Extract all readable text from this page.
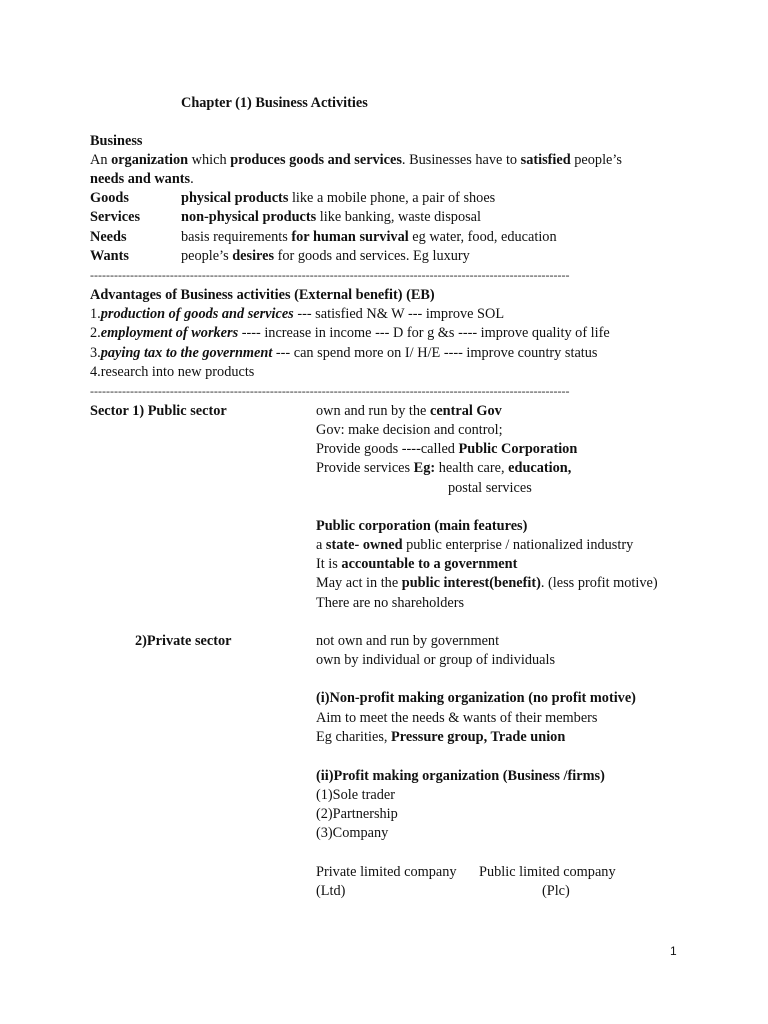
Chapter (1) Business Activities
Business
An organization which produces goods and services. Businesses have to satisfied people’s
needs and wants.
Goods	physical products like a mobile phone, a pair of shoes
Services	non-physical products like banking, waste disposal
Needs	basis requirements for human survival eg water, food, education
Wants	people’s desires for goods and services. Eg luxury
------------------------------------------------------------------------------------------------------------------------
Advantages of Business activities (External benefit) (EB)
1.production of goods and services --- satisfied N& W --- improve SOL
2.employment of workers ---- increase in income --- D for g &s ---- improve quality of life
3.paying tax to the government --- can spend more on I/ H/E ---- improve country status
4.research into new products
------------------------------------------------------------------------------------------------------------------------
Sector 1) Public sector	own and run by the central Gov
Gov: make decision and control;
Provide goods ----called Public Corporation
Provide services Eg: health care, education,
postal services
Public corporation (main features)
a state- owned public enterprise / nationalized industry
It is accountable to a government
May act in the public interest(benefit). (less profit motive)
There are no shareholders
2)Private sector	not own and run by government
own by individual or group of individuals
(i)Non-profit making organization (no profit motive)
Aim to meet the needs & wants of their members
Eg charities, Pressure group, Trade union
(ii)Profit making organization (Business /firms)
(1)Sole trader
(2)Partnership
(3)Company
Private limited company Public limited company
(Ltd)	(Plc)
1
